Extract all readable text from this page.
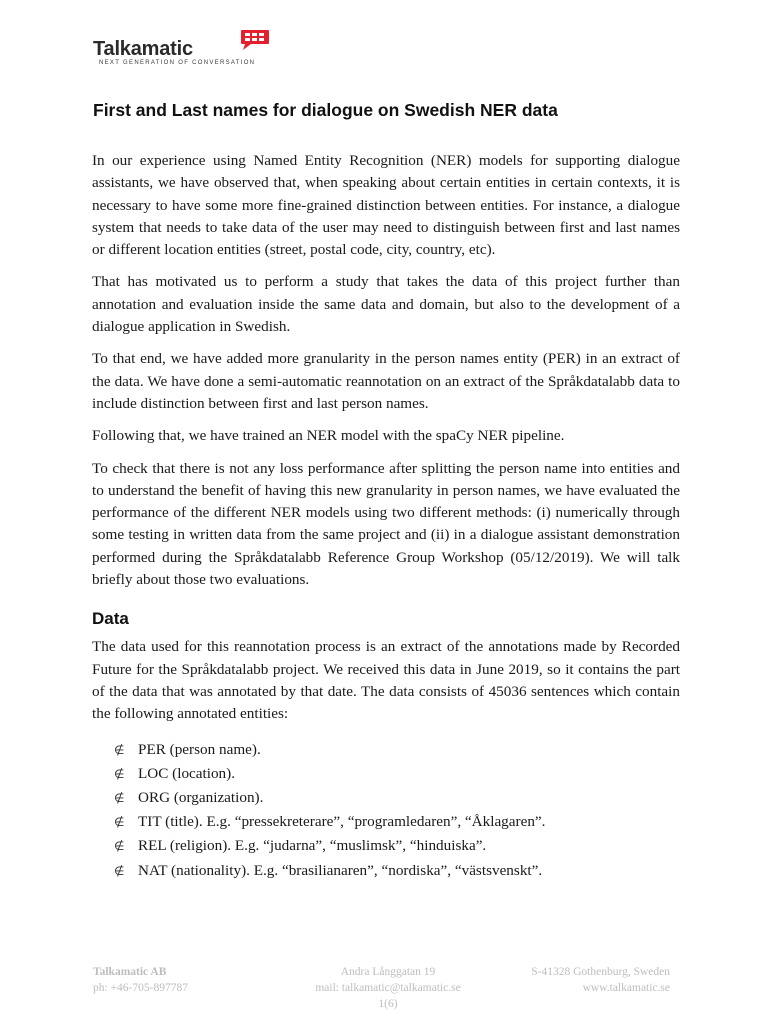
Talkamatic
NEXT GENERATION OF CONVERSATION
First and Last names for dialogue on Swedish NER data

In our experience using Named Entity Recognition (NER) models for supporting dialogue assistants, we have observed that, when speaking about certain entities in certain contexts, it is necessary to have some more fine-grained distinction between entities. For instance, a dialogue system that needs to take data of the user may need to distinguish between first and last names or different location entities (street, postal code, city, country, etc).

That has motivated us to perform a study that takes the data of this project further than annotation and evaluation inside the same data and domain, but also to the development of a dialogue application in Swedish.

To that end, we have added more granularity in the person names entity (PER) in an extract of the data. We have done a semi-automatic reannotation on an extract of the Språkdatalabb data to include distinction between first and last person names.

Following that, we have trained an NER model with the spaCy NER pipeline.

To check that there is not any loss performance after splitting the person name into entities and to understand the benefit of having this new granularity in person names, we have evaluated the performance of the different NER models using two different methods: (i) numerically through some testing in written data from the same project and (ii) in a dialogue assistant demonstration performed during the Språkdatalabb Reference Group Workshop (05/12/2019). We will talk briefly about those two evaluations.

Data

The data used for this reannotation process is an extract of the annotations made by Recorded Future for the Språkdatalabb project. We received this data in June 2019, so it contains the part of the data that was annotated by that date. The data consists of 45036 sentences which contain the following annotated entities:

∉ PER (person name).
∉ LOC (location).
∉ ORG (organization).
∉ TIT (title). E.g. “pressekreterare”, “programledaren”, “Åklagaren”.
∉ REL (religion). E.g. “judarna”, “muslimsk”, “hinduiska”.
∉ NAT (nationality). E.g. “brasilianaren”, “nordiska”, “västsvenskt”.
Talkamatic AB
ph: +46-705-897787
Andra Långgatan 19
mail: talkamatic@talkamatic.se
1(6)
S-41328 Gothenburg, Sweden
www.talkamatic.se
